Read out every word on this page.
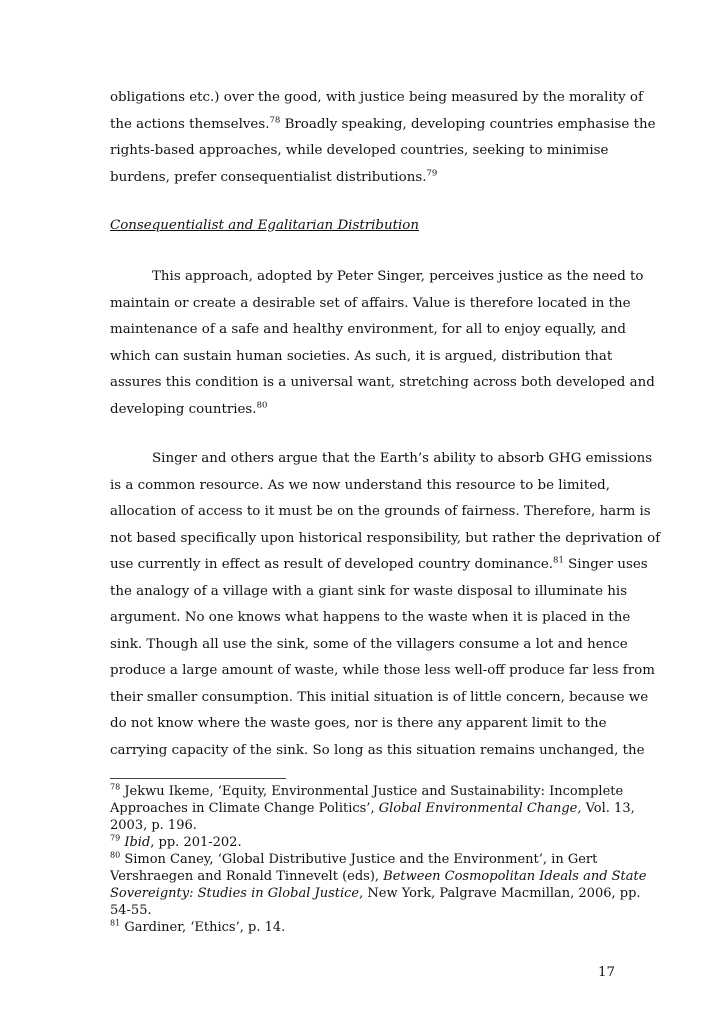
obligations etc.) over the good, with justice being measured by the morality of
the actions themselves.$^{78}$ Broadly speaking, developing countries emphasise the
rights-based approaches, while developed countries, seeking to minimise
burdens, prefer consequentialist distributions.$^{79}$
Consequentialist and Egalitarian Distribution
This approach, adopted by Peter Singer, perceives justice as the need to
maintain or create a desirable set of affairs. Value is therefore located in the
maintenance of a safe and healthy environment, for all to enjoy equally, and
which can sustain human societies. As such, it is argued, distribution that
assures this condition is a universal want, stretching across both developed and
developing countries.$^{80}$
Singer and others argue that the Earth’s ability to absorb GHG emissions
is a common resource. As we now understand this resource to be limited,
allocation of access to it must be on the grounds of fairness. Therefore, harm is
not based specifically upon historical responsibility, but rather the deprivation of
use currently in effect as result of developed country dominance.$^{81}$ Singer uses
the analogy of a village with a giant sink for waste disposal to illuminate his
argument. No one knows what happens to the waste when it is placed in the
sink. Though all use the sink, some of the villagers consume a lot and hence
produce a large amount of waste, while those less well-off produce far less from
their smaller consumption. This initial situation is of little concern, because we
do not know where the waste goes, nor is there any apparent limit to the
carrying capacity of the sink. So long as this situation remains unchanged, the
$^{78}$ Jekwu Ikeme, ‘Equity, Environmental Justice and Sustainability: Incomplete
Approaches in Climate Change Politics’, Global Environmental Change, Vol. 13,
2003, p. 196.
$^{79}$ Ibid, pp. 201-202.
$^{80}$ Simon Caney, ‘Global Distributive Justice and the Environment’, in Gert
Vershraegen and Ronald Tinnevelt (eds), Between Cosmopolitan Ideals and State
Sovereignty: Studies in Global Justice, New York, Palgrave Macmillan, 2006, pp.
54-55.
$^{81}$ Gardiner, ‘Ethics’, p. 14.
17
